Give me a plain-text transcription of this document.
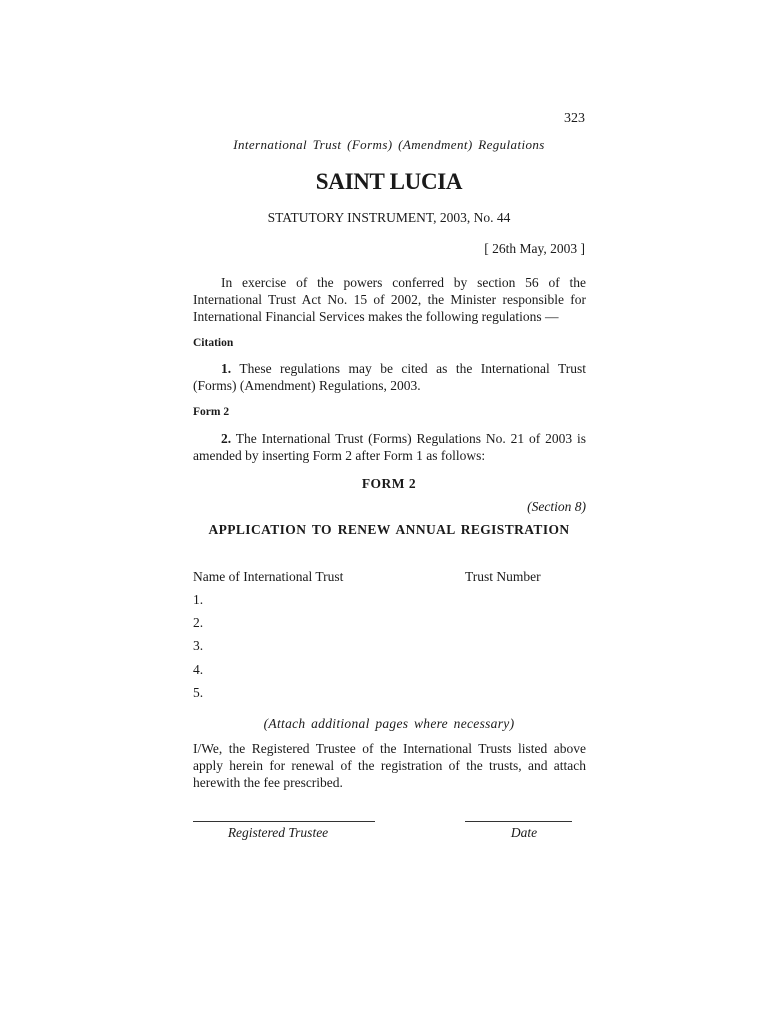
323
International Trust (Forms) (Amendment) Regulations
SAINT LUCIA
STATUTORY INSTRUMENT, 2003, No. 44
[ 26th May, 2003 ]
In exercise of the powers conferred by section 56 of the International Trust Act No. 15 of 2002, the Minister responsible for International Financial Services makes the following regulations —
Citation
1. These regulations may be cited as the International Trust (Forms) (Amendment) Regulations, 2003.
Form 2
2. The International Trust (Forms) Regulations No. 21 of 2003 is amended by inserting Form 2 after Form 1 as follows:
FORM 2
(Section 8)
APPLICATION TO RENEW ANNUAL REGISTRATION
Name of International Trust	Trust Number
1.
2.
3.
4.
5.
(Attach additional pages where necessary)
I/We, the Registered Trustee of the International Trusts listed above apply herein for renewal of the registration of the trusts, and attach herewith the fee prescribed.
Registered Trustee	Date
